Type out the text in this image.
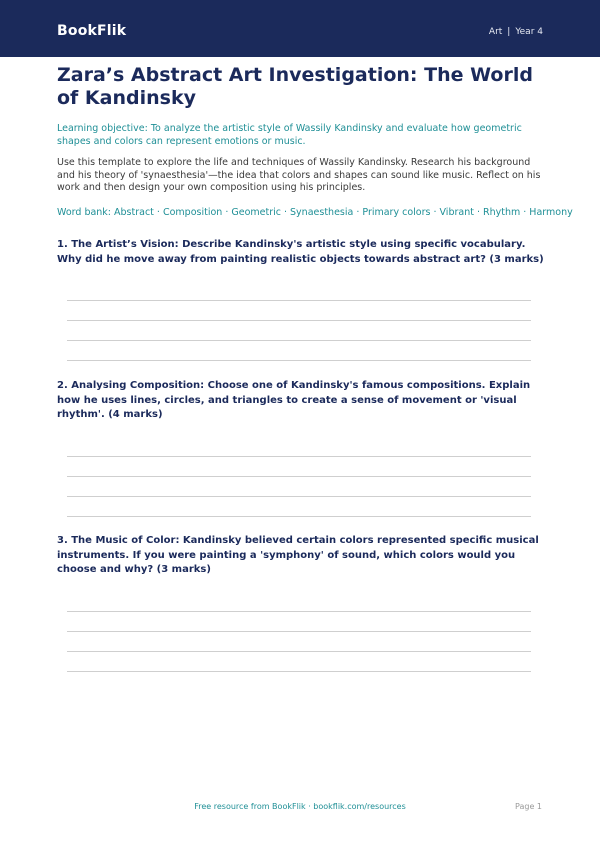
BookFlik	Art | Year 4
Zara’s Abstract Art Investigation: The World of Kandinsky

Learning objective: To analyze the artistic style of Wassily Kandinsky and evaluate how geometric shapes and colors can represent emotions or music.

Use this template to explore the life and techniques of Wassily Kandinsky. Research his background and his theory of 'synaesthesia'—the idea that colors and shapes can sound like music. Reflect on his work and then design your own composition using his principles.

Word bank: Abstract · Composition · Geometric · Synaesthesia · Primary colors · Vibrant · Rhythm · Harmony

1. The Artist’s Vision: Describe Kandinsky's artistic style using specific vocabulary. Why did he move away from painting realistic objects towards abstract art? (3 marks)

2. Analysing Composition: Choose one of Kandinsky's famous compositions. Explain how he uses lines, circles, and triangles to create a sense of movement or 'visual rhythm'. (4 marks)

3. The Music of Color: Kandinsky believed certain colors represented specific musical instruments. If you were painting a 'symphony' of sound, which colors would you choose and why? (3 marks)

Free resource from BookFlik · bookflik.com/resources	Page 1
